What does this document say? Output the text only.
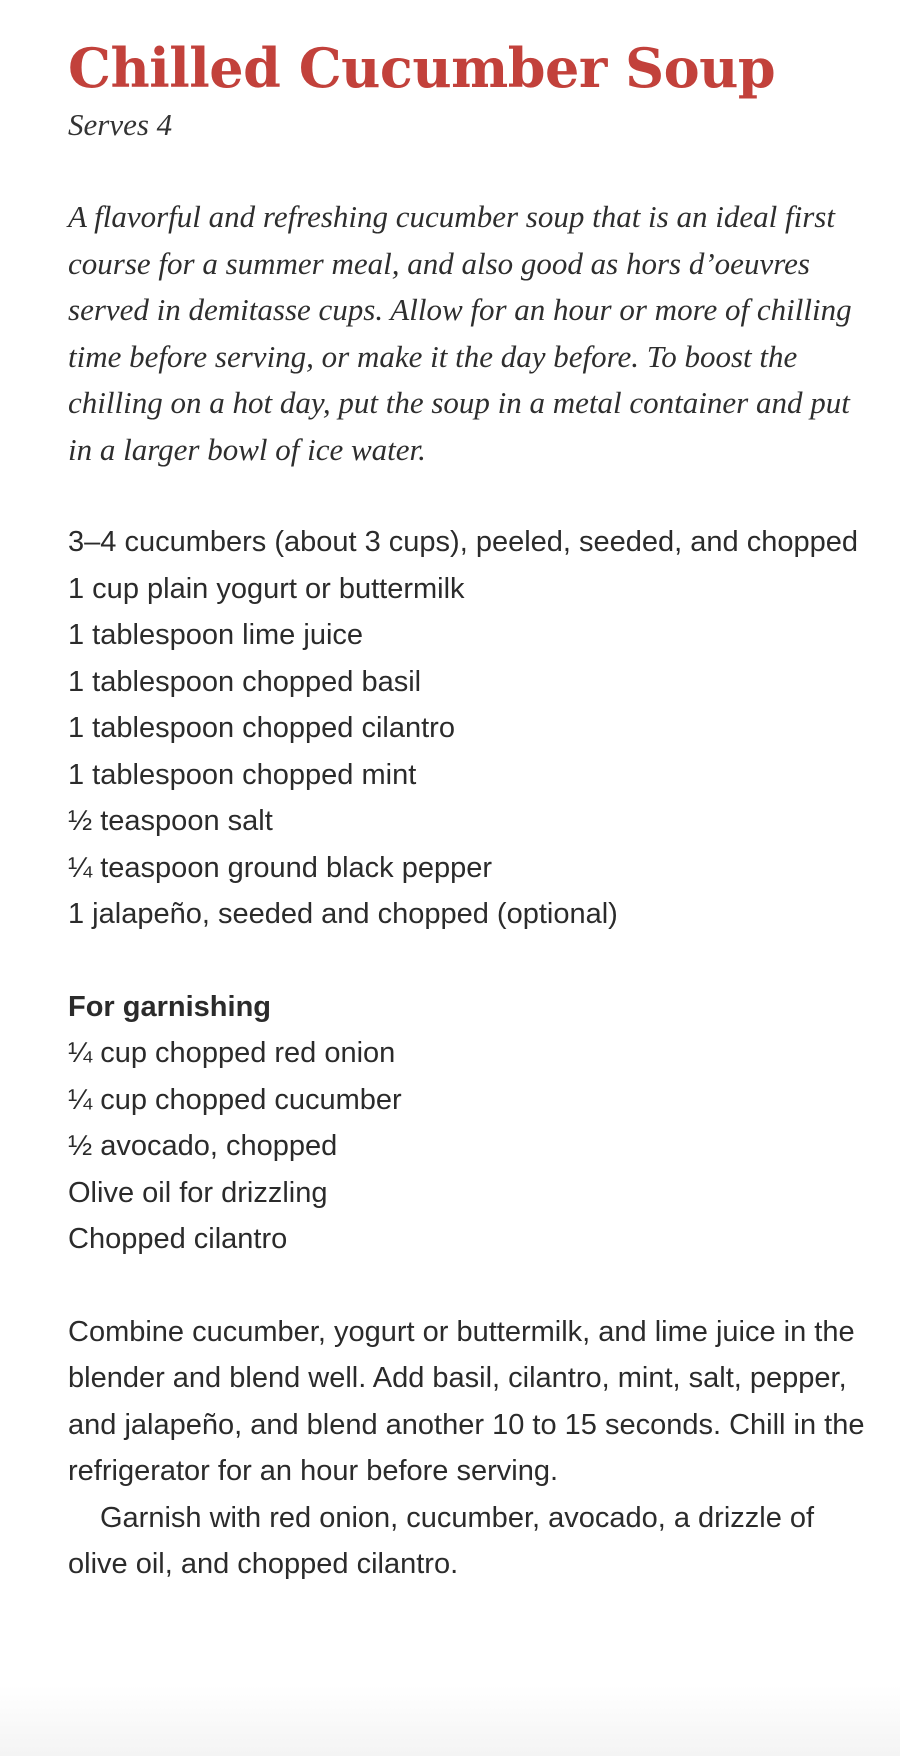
Chilled Cucumber Soup

Serves 4

A flavorful and refreshing cucumber soup that is an ideal first course for a summer meal, and also good as hors d’oeuvres served in demitasse cups. Allow for an hour or more of chilling time before serving, or make it the day before. To boost the chilling on a hot day, put the soup in a metal container and put in a larger bowl of ice water.

3–4 cucumbers (about 3 cups), peeled, seeded, and chopped
1 cup plain yogurt or buttermilk
1 tablespoon lime juice
1 tablespoon chopped basil
1 tablespoon chopped cilantro
1 tablespoon chopped mint
½ teaspoon salt
¼ teaspoon ground black pepper
1 jalapeño, seeded and chopped (optional)

For garnishing

¼ cup chopped red onion
¼ cup chopped cucumber
½ avocado, chopped
Olive oil for drizzling
Chopped cilantro

Combine cucumber, yogurt or buttermilk, and lime juice in the blender and blend well. Add basil, cilantro, mint, salt, pepper, and jalapeño, and blend another 10 to 15 seconds. Chill in the refrigerator for an hour before serving.

Garnish with red onion, cucumber, avocado, a drizzle of olive oil, and chopped cilantro.
